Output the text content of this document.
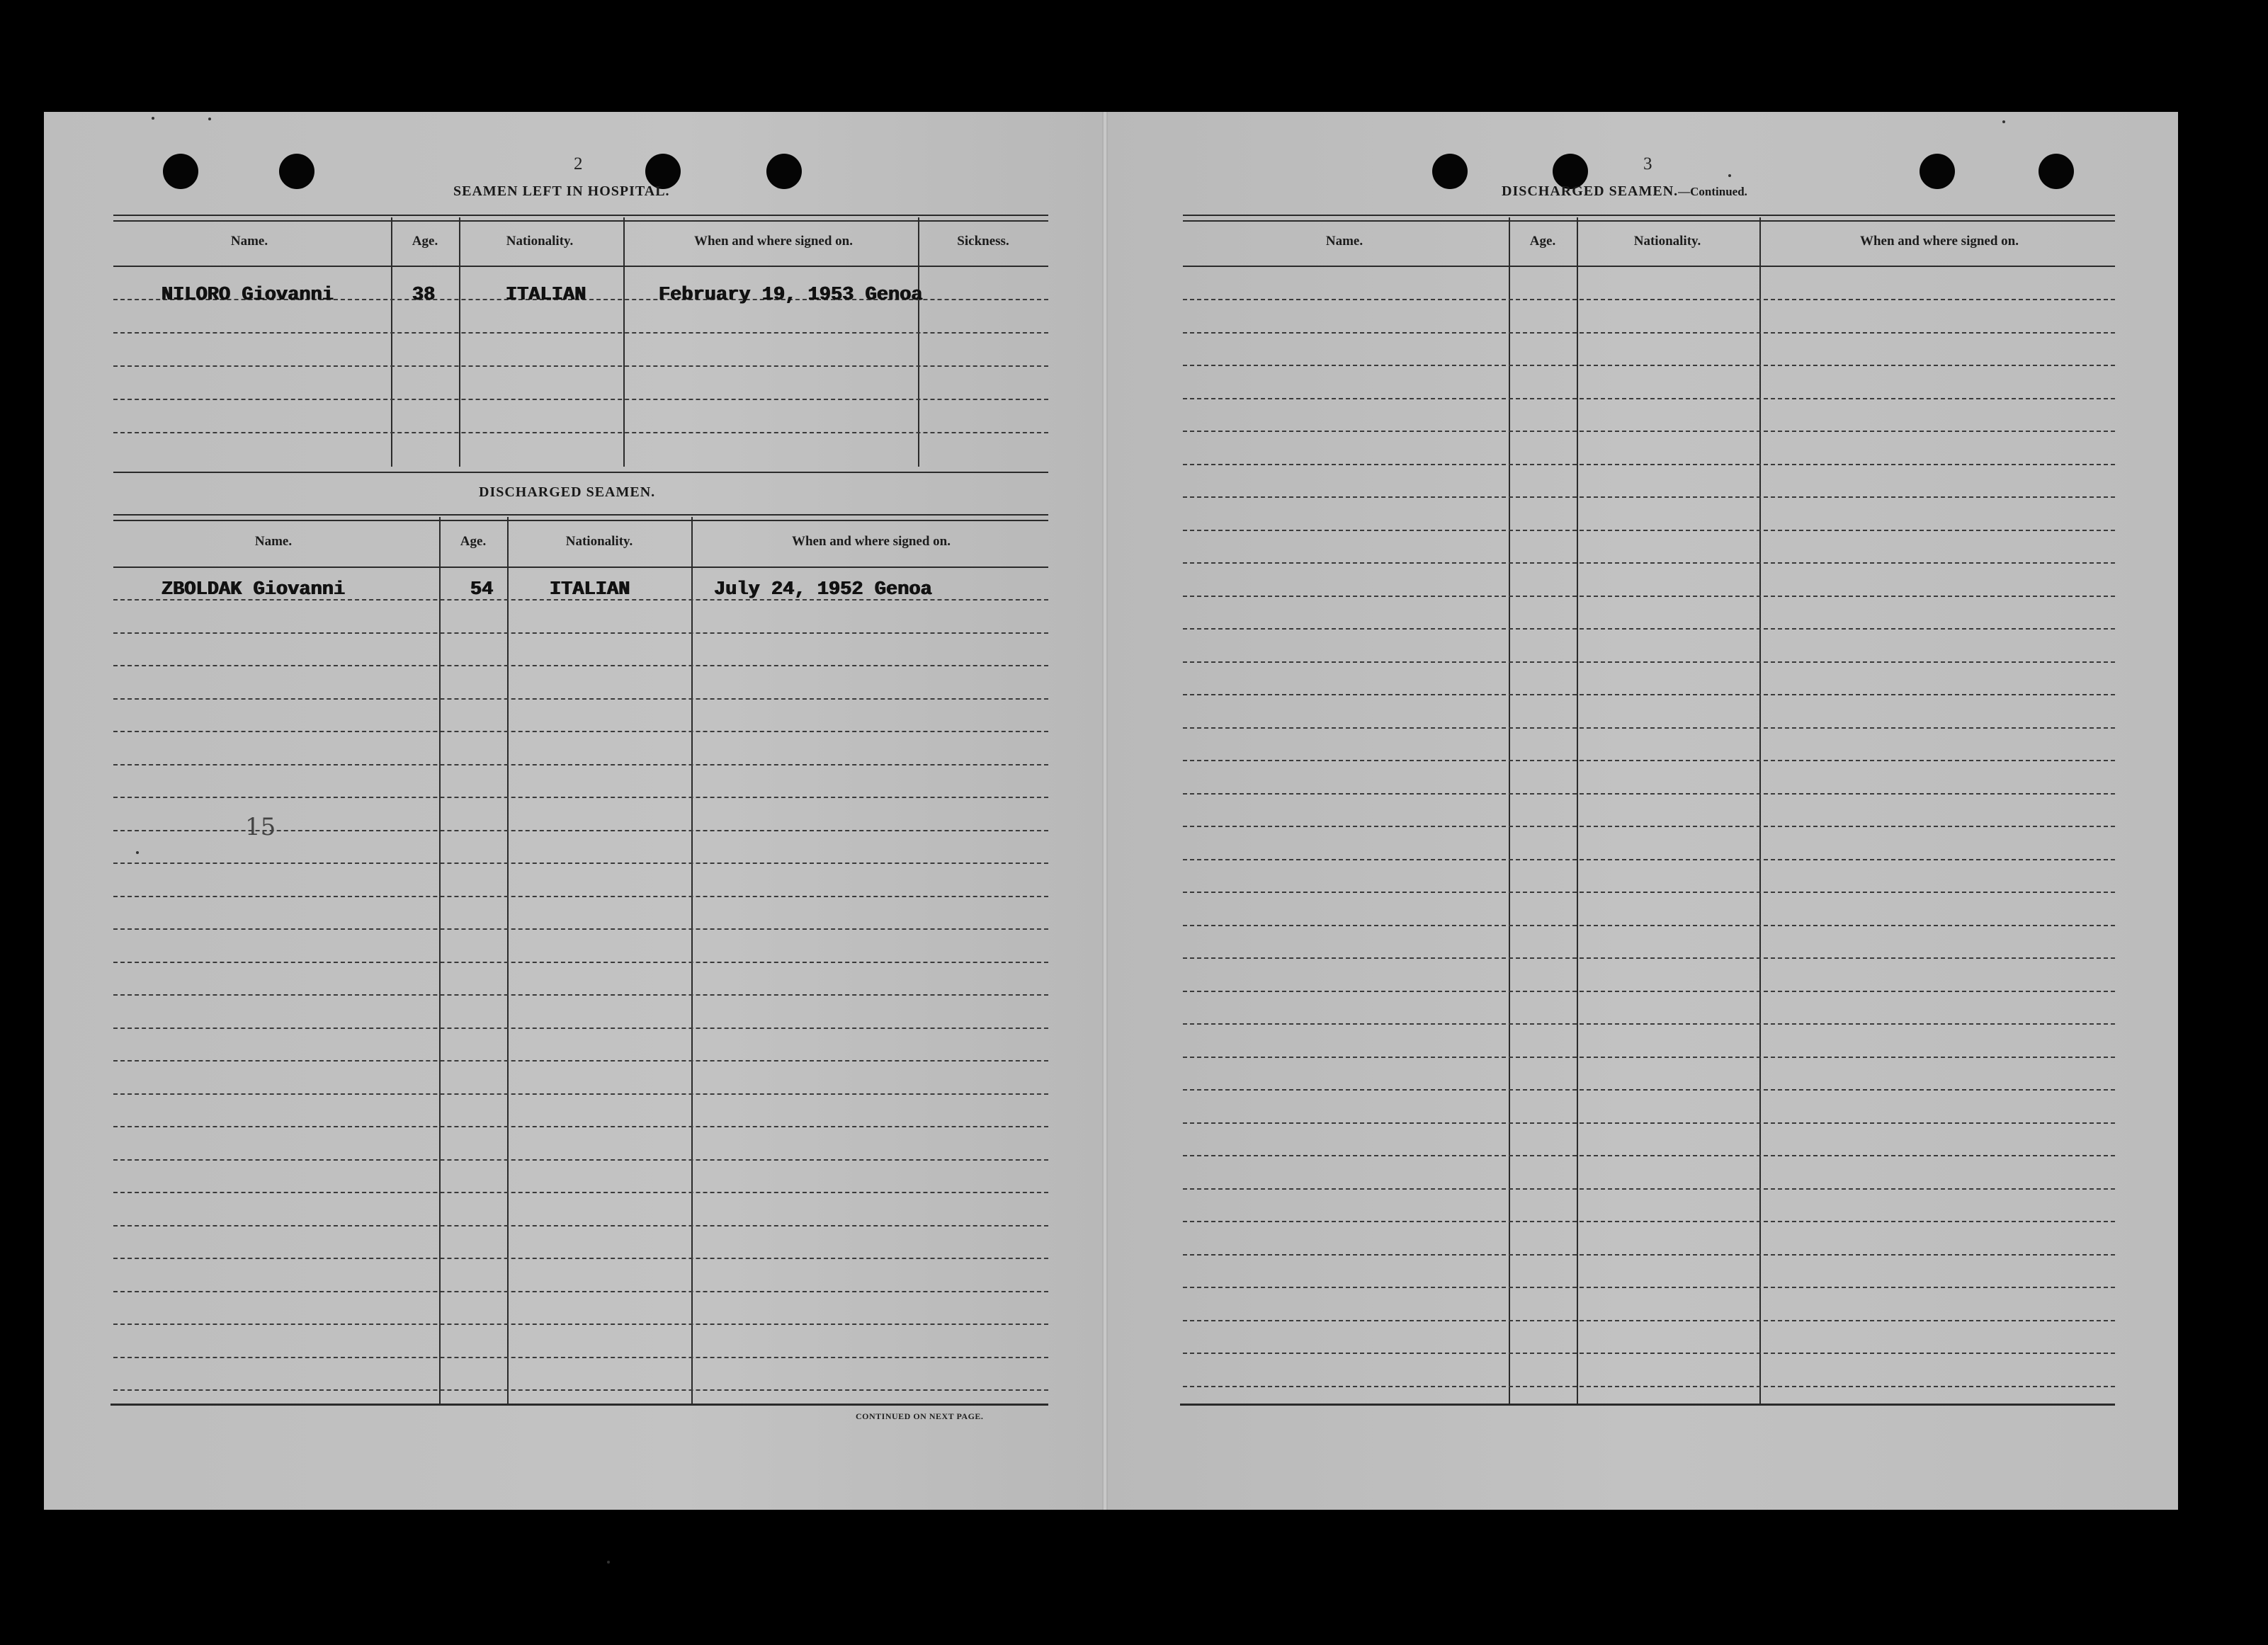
2
SEAMEN LEFT IN HOSPITAL.
Name.	Age.	Nationality.	When and where signed on.	Sickness.
NILORO Giovanni	38	ITALIAN	February 19, 1953 Genoa
DISCHARGED SEAMEN.
Name.	Age.	Nationality.	When and where signed on.
ZBOLDAK Giovanni	54	ITALIAN	July 24, 1952 Genoa
15
CONTINUED ON NEXT PAGE.
3
DISCHARGED SEAMEN.—Continued.
Name.	Age.	Nationality.	When and where signed on.
